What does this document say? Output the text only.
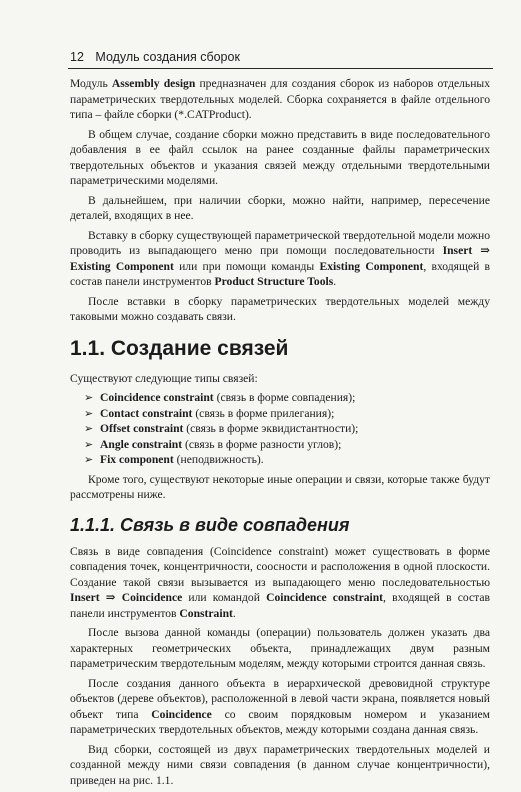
12 Модуль создания сборок

Модуль Assembly design предназначен для создания сборок из наборов отдельных параметрических твердотельных моделей. Сборка сохраняется в файле отдельного типа – файле сборки (*.CATProduct).

В общем случае, создание сборки можно представить в виде последовательного добавления в ее файл ссылок на ранее созданные файлы параметрических твердотельных объектов и указания связей между отдельными твердотельными параметрическими моделями.

В дальнейшем, при наличии сборки, можно найти, например, пересечение деталей, входящих в нее.

Вставку в сборку существующей параметрической твердотельной модели можно проводить из выпадающего меню при помощи последовательности Insert ⇒ Existing Component или при помощи команды Existing Component, входящей в состав панели инструментов Product Structure Tools.

После вставки в сборку параметрических твердотельных моделей между таковыми можно создавать связи.

1.1. Создание связей

Существуют следующие типы связей:

➢ Coincidence constraint (связь в форме совпадения);
➢ Contact constraint (связь в форме прилегания);
➢ Offset constraint (связь в форме эквидистантности);
➢ Angle constraint (связь в форме разности углов);
➢ Fix component (неподвижность).

Кроме того, существуют некоторые иные операции и связи, которые также будут рассмотрены ниже.

1.1.1. Связь в виде совпадения

Связь в виде совпадения (Coincidence constraint) может существовать в форме совпадения точек, концентричности, соосности и расположения в одной плоскости. Создание такой связи вызывается из выпадающего меню последовательностью Insert ⇒ Coincidence или командой Coincidence constraint, входящей в состав панели инструментов Constraint.

После вызова данной команды (операции) пользователь должен указать два характерных геометрических объекта, принадлежащих двум разным параметрическим твердотельным моделям, между которыми строится данная связь.

После создания данного объекта в иерархической древовидной структуре объектов (дереве объектов), расположенной в левой части экрана, появляется новый объект типа Coincidence со своим порядковым номером и указанием параметрических твердотельных объектов, между которыми создана данная связь.

Вид сборки, состоящей из двух параметрических твердотельных моделей и созданной между ними связи совпадения (в данном случае концентричности), приведен на рис. 1.1.
